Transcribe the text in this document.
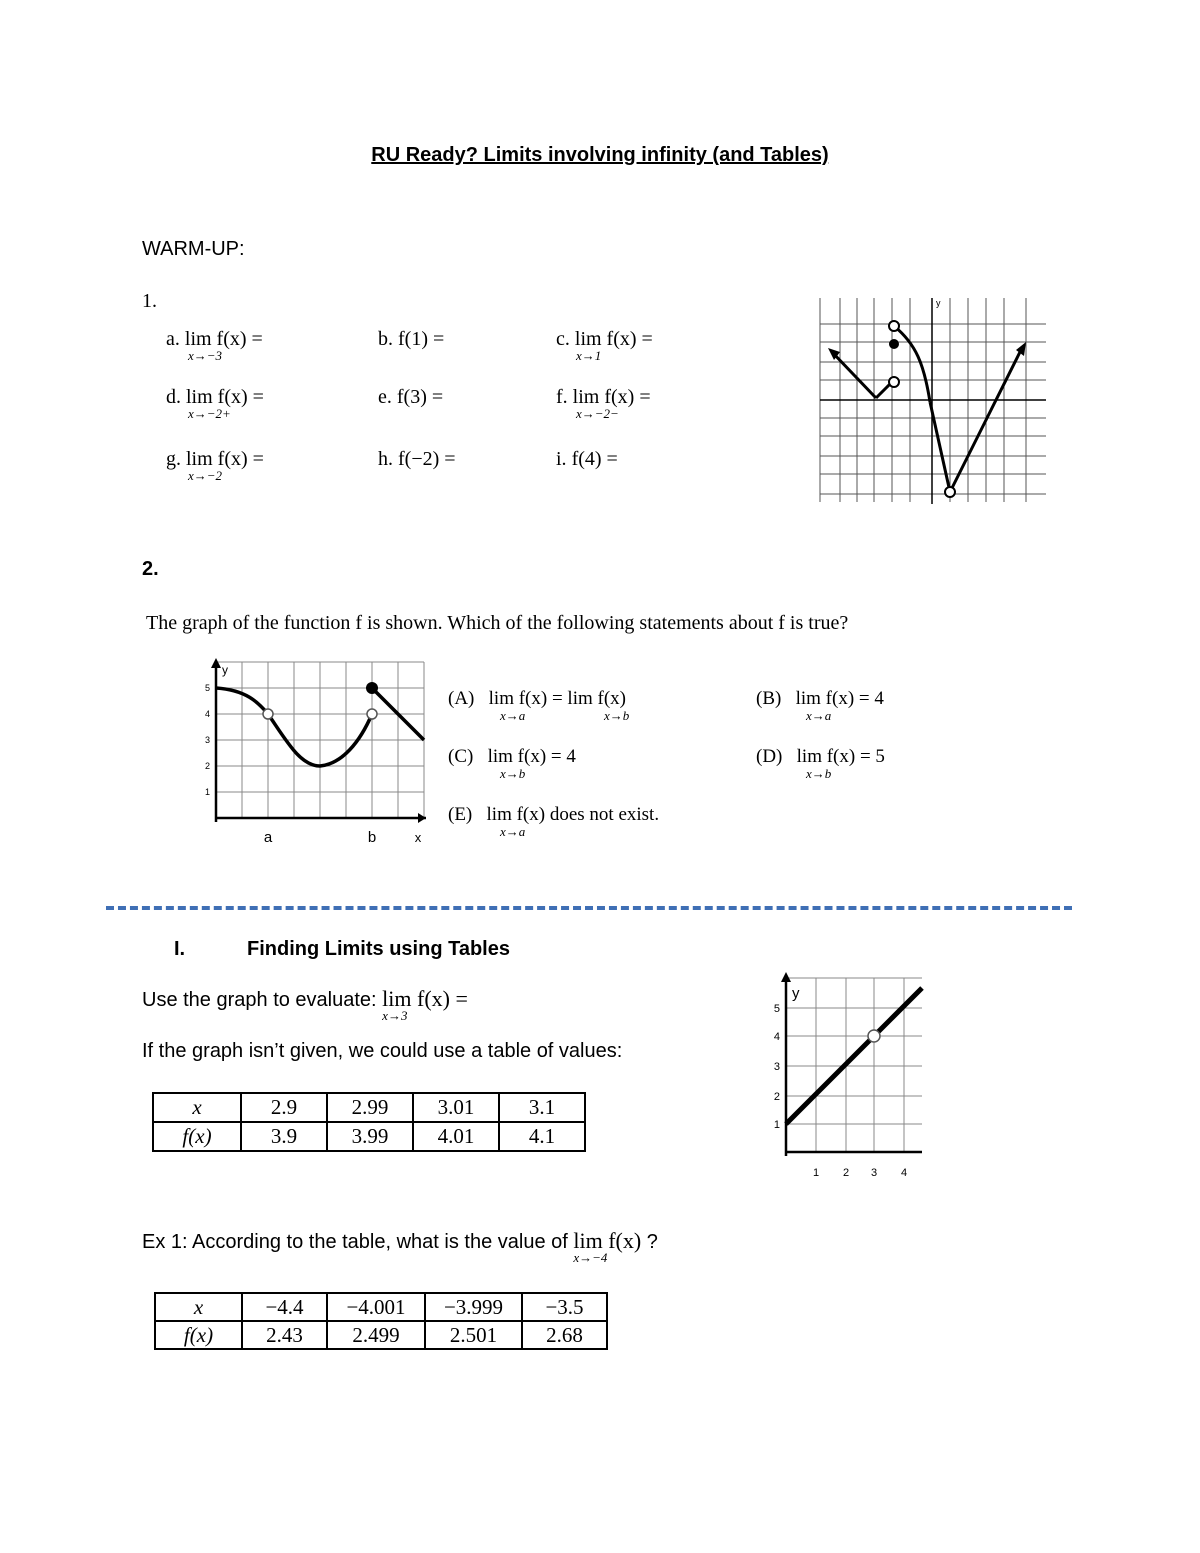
RU Ready? Limits involving infinity (and Tables)
WARM-UP:
1.
a. lim f(x) =
x→−3
b. f(1) =	c. lim f(x) =
x→1
d. lim f(x) =
x→−2+
e. f(3) =	f. lim f(x) =
x→−2−
g. lim f(x) =
x→−2
h. f(−2) =	i. f(4) =
y
2.
The graph of the function f is shown. Which of the following statements about f is true?
y
5
4
3
2
1
a	b	x
(A) lim f(x) = lim f(x)
x→a	x→b
(B) lim f(x) = 4
x→a
(C) lim f(x) = 4
x→b
(D) lim f(x) = 5
x→b
(E) lim f(x) does not exist.
x→a
I.	Finding Limits using Tables
Use the graph to evaluate: lim f(x) =
x→3
If the graph isn’t given, we could use a table of values:
x	2.9	2.99	3.01	3.1
f(x)	3.9	3.99	4.01	4.1
y
5
4
3
2
1
1 2 3 4
Ex 1: According to the table, what is the value of lim f(x)
x→−4
?
x	−4.4	−4.001	−3.999	−3.5
f(x)	2.43	2.499	2.501	2.68
